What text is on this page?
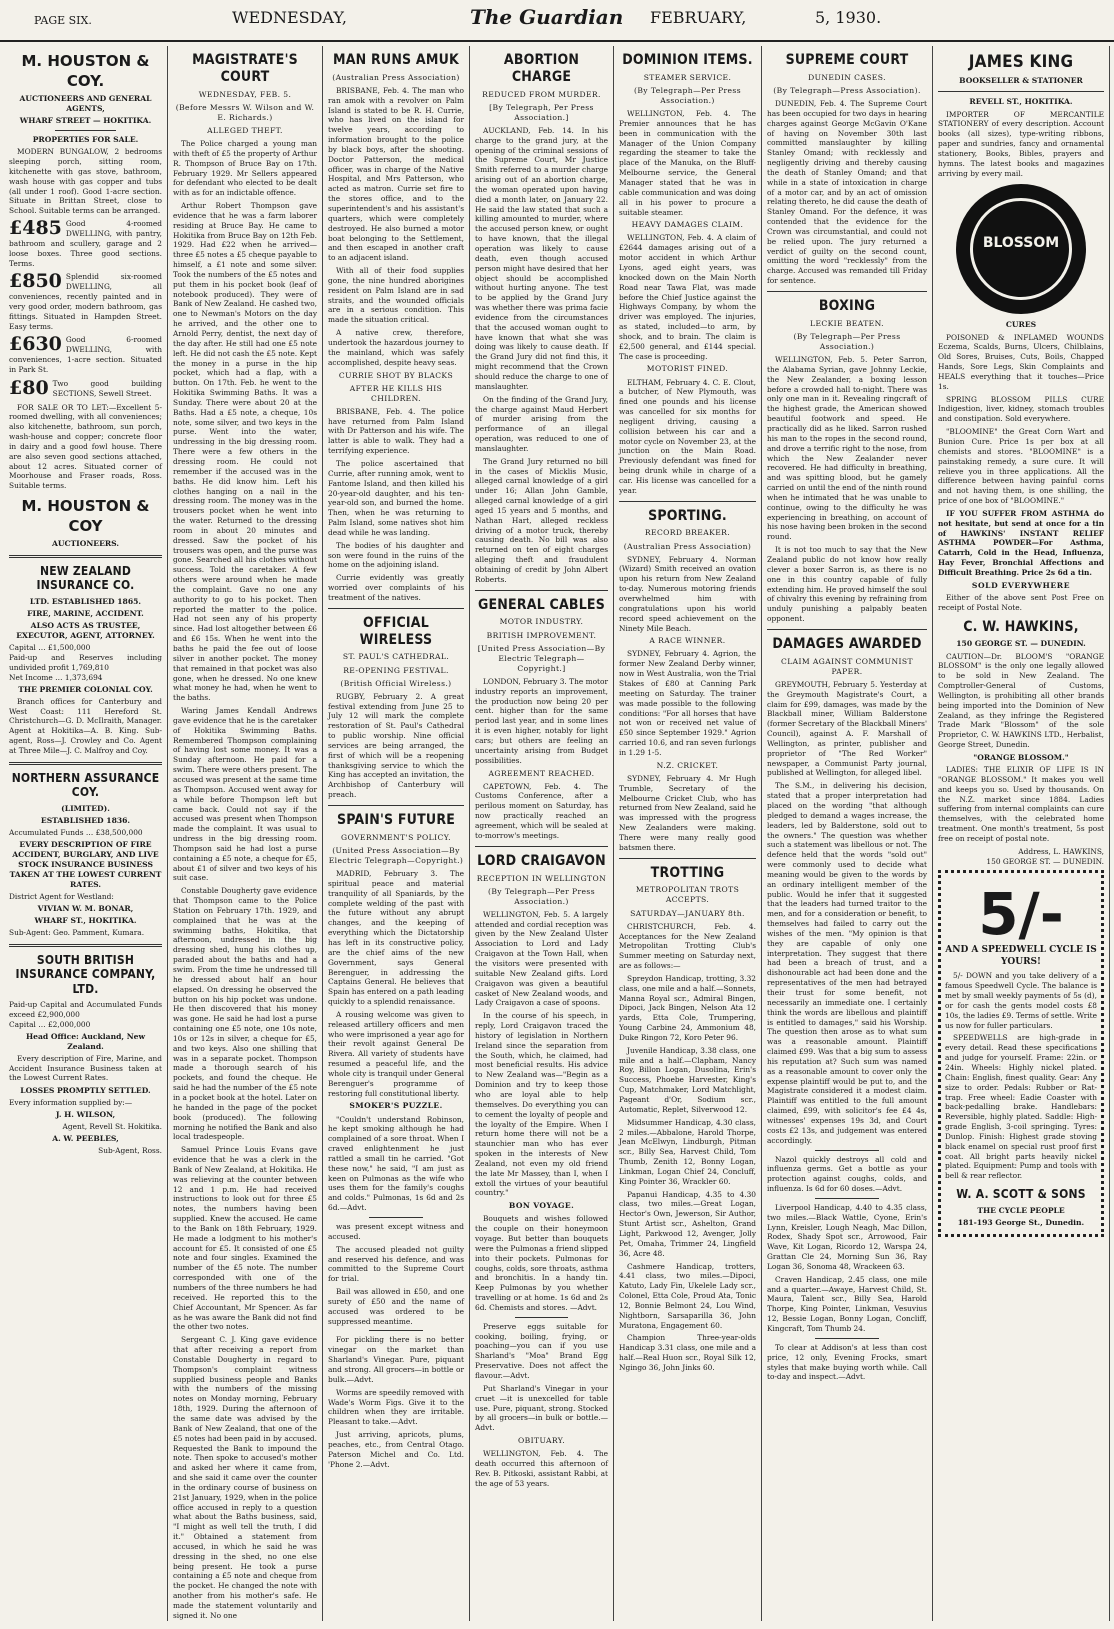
PAGE SIX.	WEDNESDAY,	The Guardian FEBRUARY,	5, 1930.
M. HOUSTON & COY.
AUCTIONEERS AND GENERAL AGENTS,
WHARF STREET — HOKITIKA.
PROPERTIES FOR SALE.

MODERN BUNGALOW, 2 bedrooms sleeping porch, sitting room, kitchenette with gas stove, bathroom, wash house with gas copper and tubs (all under 1 roof). Good 1-acre section. Situate in Brittan Street, close to School. Suitable terms can be arranged.

£485 Good 4-roomed DWELLING, with pantry, bathroom and scullery, garage and 2 loose boxes. Three good sections. Terms.
£850 Splendid six-roomed DWELLING, all conveniences, recently painted and in very good order, modern bathroom, gas fittings. Situated in Hampden Street. Easy terms.
£630 Good 6-roomed DWELLING, with conveniences, 1-acre section. Situated in Park St.
£80 Two good building SECTIONS, Sewell Street.

FOR SALE OR TO LET:—Excellent 5-roomed dwelling, with all conveniences; also kitchenette, bathroom, sun porch, wash-house and copper; concrete floor in dairy and a good fowl house. There are also seven good sections attached, about 12 acres. Situated corner of Moorhouse and Fraser roads, Ross. Suitable terms.

M. HOUSTON & COY
AUCTIONEERS.
NEW ZEALAND INSURANCE CO.
LTD. ESTABLISHED 1865.
FIRE, MARINE, ACCIDENT.
ALSO ACTS AS TRUSTEE, EXECUTOR, AGENT, ATTORNEY.
Capital … £1,500,000
Paid-up and Reserves including undivided profit 1,769,810
Net Income … 1,373,694
THE PREMIER COLONIAL COY.

Branch offices for Canterbury and West Coast: 111 Hereford St. Christchurch—G. D. McIlraith, Manager. Agent at Hokitika—A. B. King. Sub-agent, Ross—J. Crowley and Co. Agent at Three Mile—J. C. Malfroy and Coy.

NORTHERN ASSURANCE COY.
(LIMITED).
ESTABLISHED 1836.
Accumulated Funds … £38,500,000
EVERY DESCRIPTION OF FIRE ACCIDENT, BURGLARY, AND LIVE STOCK INSURANCE BUSINESS TAKEN AT THE LOWEST CURRENT RATES.
District Agent for Westland:
VIVIAN W. M. BONAR,
WHARF ST., HOKITIKA.
Sub-Agent: Geo. Pamment, Kumara.
SOUTH BRITISH INSURANCE COMPANY, LTD.
Paid-up Capital and Accumulated Funds exceed £2,900,000
Capital … £2,000,000
Head Office: Auckland, New Zealand.

Every description of Fire, Marine, and Accident Insurance Business taken at the Lowest Current Rates.

LOSSES PROMPTLY SETTLED.
Every information supplied by:—
J. H. WILSON,
Agent, Revell St. Hokitika.
A. W. PEEBLES,
Sub-Agent, Ross.
MAGISTRATE'S COURT
WEDNESDAY, FEB. 5.
(Before Messrs W. Wilson and W. E. Richards.)
ALLEGED THEFT.

The Police charged a young man with theft of £5 the property of Arthur R. Thompson of Bruce Bay on 17th. February 1929. Mr Sellers appeared for defendant who elected to be dealt with as for an indictable offence.

Arthur Robert Thompson gave evidence that he was a farm laborer residing at Bruce Bay. He came to Hokitika from Bruce Bay on 12th Feb. 1929. Had £22 when he arrived—three £5 notes a £5 cheque payable to himself, a £1 note and some silver. Took the numbers of the £5 notes and put them in his pocket book (leaf of notebook produced). They were of Bank of New Zealand. He cashed two, one to Newman's Motors on the day he arrived, and the other one to Arnold Perry, dentist, the next day of the day after. He still had one £5 note left. He did not cash the £5 note. Kept the money in a purse in the hip pocket, which had a flap, with a button. On 17th. Feb. he went to the Hokitika Swimming Baths. It was a Sunday. There were about 20 at the Baths. Had a £5 note, a cheque, 10s note, some silver, and two keys in the purse. Went into the water, undressing in the big dressing room. There were a few others in the dressing room. He could not remember if the accused was in the baths. He did know him. Left his clothes hanging on a nail in the dressing room. The money was in the trousers pocket when he went into the water. Returned to the dressing room in about 20 minutes and dressed. Saw the pocket of his trousers was open, and the purse was gone. Searched all his clothes without success. Told the caretaker. A few others were around when he made the complaint. Gave no one any authority to go to his pocket. Then reported the matter to the police. Had not seen any of his property since. Had lost altogether between £6 and £6 15s. When he went into the baths he paid the fee out of loose silver in another pocket. The money that remained in that pocket was also gone, when he dressed. No one knew what money he had, when he went to the baths.

Waring James Kendall Andrews gave evidence that he is the caretaker of Hokitika Swimming Baths. Remembered Thompson complaining of having lost some money. It was a Sunday afternoon. He paid for a swim. There were others present. The accused was present at the same time as Thompson. Accused went away for a while before Thompson left but came back. Could not say if the accused was present when Thompson made the complaint. It was usual to undress in the big dressing room. Thompson said he had lost a purse containing a £5 note, a cheque for £5, about £1 of silver and two keys of his suit case.

Constable Dougherty gave evidence that Thompson came to the Police Station on February 17th. 1929, and complained that he was at the swimming baths, Hokitika, that afternoon, undressed in the big dressing shed, hung his clothes up, paraded about the baths and had a swim. From the time he undressed till he dressed about half an hour elapsed. On dressing he observed the button on his hip pocket was undone. He then discovered that his money was gone. He said he had lost a purse containing one £5 note, one 10s note, 10s or 12s in silver, a cheque for £5, and two keys. Also one shilling that was in a separate pocket. Thompson made a thorough search of his pockets, and found the cheque. He said he had the number of the £5 note in a pocket book at the hotel. Later on he handed in the page of the pocket book (produced). The following morning he notified the Bank and also local tradespeople.

Samuel Prince Louis Evans gave evidence that he was a clerk in the Bank of New Zealand, at Hokitika. He was relieving at the counter between 12 and 1 p.m. He had received instructions to look out for three £5 notes, the numbers having been supplied. Knew the accused. He came to the Bank on 18th February, 1929. He made a lodgment to his mother's account for £5. It consisted of one £5 note and four singles. Examined the number of the £5 note. The number corresponded with one of the numbers of the three numbers he had received. He reported this to the Chief Accountant, Mr Spencer. As far as he was aware the Bank did not find the other two notes.

Sergeant C. J. King gave evidence that after receiving a report from Constable Dougherty in regard to Thompson's complaint witness supplied business people and Banks with the numbers of the missing notes on Monday morning, February 18th, 1929. During the afternoon of the same date was advised by the Bank of New Zealand, that one of the £5 notes had been paid in by accused. Requested the Bank to impound the note. Then spoke to accused's mother and asked her where it came from, and she said it came over the counter in the ordinary course of business on 21st January, 1929, when in the police office accused in reply to a question what about the Baths business, said, "I might as well tell the truth, I did it." Obtained a statement from accused, in which he said he was dressing in the shed, no one else being present. He took a purse containing a £5 note and cheque from the pocket. He changed the note with another from his mother's safe. He made the statement voluntarily and signed it. No one

MAN RUNS AMUK
(Australian Press Association)

BRISBANE, Feb. 4. The man who ran amok with a revolver on Palm Island is stated to be R. H. Currie, who has lived on the island for twelve years, according to information brought to the police by black boys, after the shooting. Doctor Patterson, the medical officer, was in charge of the Native Hospital, and Mrs Patterson, who acted as matron. Currie set fire to the stores office, and to the superintendent's and his assistant's quarters, which were completely destroyed. He also burned a motor boat belonging to the Settlement, and then escaped in another craft to an adjacent island.

With all of their food supplies gone, the nine hundred aborigines resident on Palm Island are in sad straits, and the wounded officials are in a serious condition. This made the situation critical.

A native crew, therefore, undertook the hazardous journey to the mainland, which was safely accomplished, despite heavy seas.

CURRIE SHOT BY BLACKS
AFTER HE KILLS HIS CHILDREN.

BRISBANE, Feb. 4. The police have returned from Palm Island with Dr Patterson and his wife. The latter is able to walk. They had a terrifying experience.

The police ascertained that Currie, after running amok, went to Fantome Island, and then killed his 20-year-old daughter, and his ten-year-old son, and burned the home. Then, when he was returning to Palm Island, some natives shot him dead while he was landing.

The bodies of his daughter and son were found in the ruins of the home on the adjoining island.

Currie evidently was greatly worried over complaints of his treatment of the natives.

OFFICIAL WIRELESS
ST. PAUL'S CATHEDRAL.
RE-OPENING FESTIVAL.
(British Official Wireless.)

RUGBY, February 2. A great festival extending from June 25 to July 12 will mark the complete restoration of St. Paul's Cathedral to public worship. Nine official services are being arranged, the first of which will be a reopening thanksgiving service to which the King has accepted an invitation, the Archbishop of Canterbury will preach.

SPAIN'S FUTURE
GOVERNMENT'S POLICY.
(United Press Association—By Electric Telegraph—Copyright.)

MADRID, February 3. The spiritual peace and material tranquility of all Spaniards, by the complete welding of the past with the future without any abrupt changes, and the keeping of everything which the Dictatorship has left in its constructive policy, are the chief aims of the new Government, says General Berenguer, in addressing the Captains General. He believes that Spain has entered on a path leading quickly to a splendid renaissance.

A rousing welcome was given to released artillery officers and men who were imprisoned a year ago for their revolt against General De Rivera. All variety of students have resumed a peaceful life, and the whole city is tranquil under General Berenguer's programme of restoring full constitutional liberty.

SMOKER'S PUZZLE.

"Couldn't understand Robinson, he kept smoking although he had complained of a sore throat. When I craved enlightenment he just rattled a small tin he carried. "Got these now," he said, "I am just as keen on Pulmonas as the wife who uses them for the family's coughs and colds." Pulmonas, 1s 6d and 2s 6d.—Advt.

was present except witness and accused.

The accused pleaded not guilty and reserved his defence, and was committed to the Supreme Court for trial.

Bail was allowed in £50, and one surety of £50 and the name of accused was ordered to be suppressed meantime.

For pickling there is no better vinegar on the market than Sharland's Vinegar. Pure, piquant and strong. All grocers—in bottle or bulk.—Advt.

Worms are speedily removed with Wade's Worm Figs. Give it to the children when they are irritable. Pleasant to take.—Advt.

Just arriving, apricots, plums, peaches, etc., from Central Otago. Paterson Michel and Co. Ltd. 'Phone 2.—Advt.

ABORTION CHARGE
REDUCED FROM MURDER.
[By Telegraph, Per Press Association.]

AUCKLAND, Feb. 14. In his charge to the grand jury, at the opening of the criminal sessions of the Supreme Court, Mr Justice Smith referred to a murder charge arising out of an abortion charge, the woman operated upon having died a month later, on January 22. He said the law stated that such a killing amounted to murder, where the accused person knew, or ought to have known, that the illegal operation was likely to cause death, even though accused person might have desired that her object should be accomplished without hurting anyone. The test to be applied by the Grand Jury was whether there was prima facie evidence from the circumstances that the accused woman ought to have known that what she was doing was likely to cause death. If the Grand Jury did not find this, it might recommend that the Crown should reduce the charge to one of manslaughter.

On the finding of the Grand Jury, the charge against Maud Herbert of murder arising from the performance of an illegal operation, was reduced to one of manslaughter.

The Grand Jury returned no bill in the cases of Micklis Music, alleged carnal knowledge of a girl under 16; Allan John Gamble, alleged carnal knowledge of a girl aged 15 years and 5 months, and Nathan Hart, alleged reckless driving of a motor truck, thereby causing death. No bill was also returned on ten of eight charges alleging theft and fraudulent obtaining of credit by John Albert Roberts.

GENERAL CABLES
MOTOR INDUSTRY.
BRITISH IMPROVEMENT.
[United Press Association—By Electric Telegraph—Copyright.]

LONDON, February 3. The motor industry reports an improvement, the production now being 20 per cent. higher than for the same period last year, and in some lines it is even higher, notably for light cars; but others are feeling an uncertainty arising from Budget possibilities.

AGREEMENT REACHED.

CAPETOWN, Feb. 4. The Customs Conference, after a perilous moment on Saturday, has now practically reached an agreement, which will be sealed at to-morrow's meetings.

LORD CRAIGAVON
RECEPTION IN WELLINGTON
(By Telegraph—Per Press Association.)

WELLINGTON, Feb. 5. A largely attended and cordial reception was given by the New Zealand Ulster Association to Lord and Lady Craigavon at the Town Hall, when the visitors were presented with suitable New Zealand gifts. Lord Craigavon was given a beautiful casket of New Zealand woods, and Lady Craigavon a case of spoons.

In the course of his speech, in reply, Lord Craigavon traced the history of legislation in Northern Ireland since the separation from the South, which, he claimed, had most beneficial results. His advice to New Zealand was—"Begin as a Dominion and try to keep those who are loyal able to help themselves. Do everything you can to cement the loyalty of people and the loyalty of the Empire. When I return home there will not be a staunchier man who has ever spoken in the interests of New Zealand, not even my old friend the late Mr Massey, than I, when I extoll the virtues of your beautiful country."

BON VOYAGE.

Bouquets and wishes followed the couple on their honeymoon voyage. But better than bouquets were the Pulmonas a friend slipped into their pockets. Pulmonas for coughs, colds, sore throats, asthma and bronchitis. In a handy tin. Keep Pulmonas by you whether travelling or at home. 1s 6d and 2s 6d. Chemists and stores. —Advt.

Preserve eggs suitable for cooking, boiling, frying, or poaching—you can if you use Sharland's "Moa" Brand Egg Preservative. Does not affect the flavour.—Advt.

Put Sharland's Vinegar in your cruet —it is unexcelled for table use. Pure, piquant, strong. Stocked by all grocers—in bulk or bottle.—Advt.

OBITUARY.

WELLINGTON, Feb. 4. The death occurred this afternoon of Rev. B. Pitkoski, assistant Rabbi, at the age of 53 years.

DOMINION ITEMS.
STEAMER SERVICE.
(By Telegraph—Per Press Association.)

WELLINGTON, Feb. 4. The Premier announces that he has been in communication with the Manager of the Union Company regarding the steamer to take the place of the Manuka, on the Bluff-Melbourne service, the General Manager stated that he was in cable communication and was doing all in his power to procure a suitable steamer.

HEAVY DAMAGES CLAIM.

WELLINGTON, Feb. 4. A claim of £2644 damages arising out of a motor accident in which Arthur Lyons, aged eight years, was knocked down on the Main North Road near Tawa Flat, was made before the Chief Justice against the Highways Company, by whom the driver was employed. The injuries, as stated, included—to arm, by shock, and to brain. The claim is £2,500 general, and £144 special. The case is proceeding.

MOTORIST FINED.

ELTHAM, February 4. C. E. Clout, a butcher, of New Plymouth, was fined one pounds and his license was cancelled for six months for negligent driving, causing a collision between his car and a motor cycle on November 23, at the junction on the Main Road. Previously defendant was fined for being drunk while in charge of a car. His license was cancelled for a year.

SPORTING.
RECORD BREAKER.
(Australian Press Association)

SYDNEY, February 4. Norman (Wizard) Smith received an ovation upon his return from New Zealand to-day. Numerous motoring friends overwhelmed him with congratulations upon his world record speed achievement on the Ninety Mile Beach.

A RACE WINNER.

SYDNEY, February 4. Agrion, the former New Zealand Derby winner, now in West Australia, won the Trial Stakes of £80 at Canning Park meeting on Saturday. The trainer was made possible to the following conditions: "For all horses that have not won or received net value of £50 since September 1929." Agrion carried 10.6, and ran seven furlongs in 1.29 1-5.

N.Z. CRICKET.

SYDNEY, February 4. Mr Hugh Trumble, Secretary of the Melbourne Cricket Club, who has returned from New Zealand, said he was impressed with the progress New Zealanders were making. There were many really good batsmen there.

TROTTING
METROPOLITAN TROTS ACCEPTS.
SATURDAY—JANUARY 8th.

CHRISTCHURCH, Feb. 4. Acceptances for the New Zealand Metropolitan Trotting Club's Summer meeting on Saturday next, are as follows:—

Spreydon Handicap, trotting, 3.32 class, one mile and a half.—Sonnets, Manna Royal scr., Admiral Bingen, Dipoci, Jack Bingen, Nelson Ata 12 yards, Etta Cole, Trumpering, Young Carbine 24, Ammonium 48, Duke Ringon 72, Koro Peter 96.

Juvenile Handicap, 3.38 class, one mile and a half.—Clapham, Nancy Roy, Billon Logan, Dusolina, Erin's Success, Phoebe Harvester, King's Cup, Matchmaker, Lord Matchlight, Pageant d'Or, Sodium scr., Automatic, Replet, Silverwood 12.

Midsummer Handicap, 4.30 class, 2 miles.—Abbalone, Harold Thorpe, Jean McElwyn, Lindburgh, Pitman scr., Billy Sea, Harvest Child, Tom Thumb, Zenith 12, Bonny Logan, Linkman, Logan Chief 24, Concluff, King Pointer 36, Wrackler 60.

Papanui Handicap, 4.35 to 4.30 class, two miles.—Great Logan, Hector's Own, Jewerson, Sir Author, Stunt Artist scr., Ashelton, Grand Light, Parkwood 12, Avenger, Jolly Pet, Omaha, Trimmer 24, Lingfield 36, Acre 48.

Cashmere Handicap, trotters, 4.41 class, two miles.—Dipoci, Katuto, Lady Fin, Ukelele Lady scr., Colonel, Etta Cole, Proud Ata, Tonic 12, Bonnie Belmont 24, Lou Wind, Nightborn, Sarsaparilla 36, John Muratona, Engagement 60.

Champion Three-year-olds Handicap 3.31 class, one mile and a half.—Real Huon scr., Royal Silk 12, Ngingo 36, John Jinks 60.

SUPREME COURT
DUNEDIN CASES.
(By Telegraph—Press Association).

DUNEDIN, Feb. 4. The Supreme Court has been occupied for two days in hearing charges against George McGavin O'Kane of having on November 30th last committed manslaughter by killing Stanley Omand; with recklessly and negligently driving and thereby causing the death of Stanley Omand; and that while in a state of intoxication in charge of a motor car, and by an act of omission relating thereto, he did cause the death of Stanley Omand. For the defence, it was contended that the evidence for the Crown was circumstantial, and could not be relied upon. The jury returned a verdict of guilty on the second count, omitting the word "recklessly" from the charge. Accused was remanded till Friday for sentence.

BOXING
LECKIE BEATEN.
(By Telegraph—Per Press Association.)

WELLINGTON, Feb. 5. Peter Sarron, the Alabama Syrian, gave Johnny Leckie, the New Zealander, a boxing lesson before a crowded hall to-night. There was only one man in it. Revealing ringcraft of the highest grade, the American showed beautiful footwork and speed. He practically did as he liked. Sarron rushed his man to the ropes in the second round, and drove a terrific right to the nose, from which the New Zealander never recovered. He had difficulty in breathing, and was spitting blood, but he gamely carried on until the end of the ninth round when he intimated that he was unable to continue, owing to the difficulty he was experiencing in breathing, on account of his nose having been broken in the second round.

It is not too much to say that the New Zealand public do not know how really clever a boxer Sarron is, as there is no one in this country capable of fully extending him. He proved himself the soul of chivalry this evening by refraining from unduly punishing a palpably beaten opponent.

DAMAGES AWARDED
CLAIM AGAINST COMMUNIST PAPER.

GREYMOUTH, February 5. Yesterday at the Greymouth Magistrate's Court, a claim for £99, damages, was made by the Blackball miner, William Balderstone (former Secretary of the Blackball Miners' Council), against A. F. Marshall of Wellington, as printer, publisher and proprietor of "The Red Worker" newspaper, a Communist Party journal, published at Wellington, for alleged libel.

The S.M., in delivering his decision, stated that a proper interpretation had placed on the wording "that although pledged to demand a wages increase, the leaders, led by Balderstone, sold out to the owners." The question was whether such a statement was libellous or not. The defence held that the words "sold out" were commonly used to decide what meaning would be given to the words by an ordinary intelligent member of the public. Would he infer that it suggested that the leaders had turned traitor to the men, and for a consideration or benefit, to themselves had failed to carry out the wishes of the men. "My opinion is that they are capable of only one interpretation. They suggest that there had been a breach of trust, and a dishonourable act had been done and the representatives of the men had betrayed their trust for some benefit, not necessarily an immediate one. I certainly think the words are libellous and plaintiff is entitled to damages," said his Worship. The question then arose as to what sum was a reasonable amount. Plaintiff claimed £99. Was that a big sum to assess his reputation at? Such sum was named as a reasonable amount to cover only the expense plaintiff would be put to, and the Magistrate considered it a modest claim. Plaintiff was entitled to the full amount claimed, £99, with solicitor's fee £4 4s, witnesses' expenses 19s 3d, and Court costs £2 13s, and judgement was entered accordingly.

Nazol quickly destroys all cold and influenza germs. Get a bottle as your protection against coughs, colds, and influenza. Is 6d for 60 doses.—Advt.

Liverpool Handicap, 4.40 to 4.35 class, two miles.—Black Wattle, Cyone, Erin's Lynn, Kreisler, Lough Neagh, Mac Dillon, Rodex, Shady Spot scr., Arrowood, Fair Wave, Kit Logan, Ricordo 12, Warspa 24, Grattan Cle 24, Morning Sun 36, Ray Logan 36, Sonoma 48, Wrackeen 63.

Craven Handicap, 2.45 class, one mile and a quarter.—Awaye, Harvest Child, St. Maura, Talent scr., Billy Sea, Harold Thorpe, King Pointer, Linkman, Vesuvius 12, Bessie Logan, Bonny Logan, Concliff, Kingcraft, Tom Thumb 24.

To clear at Addison's at less than cost price, 12 only, Evening Frocks, smart styles that make buying worth while. Call to-day and inspect.—Advt.

JAMES KING
BOOKSELLER & STATIONER
REVELL ST., HOKITIKA.

IMPORTER OF MERCANTILE STATIONERY of every description. Account books (all sizes), type-writing ribbons, paper and sundries, fancy and ornamental stationery, Books, Bibles, prayers and hymns. The latest books and magazines arriving by every mail.

BLOSSOM
CURES

POISONED & INFLAMED WOUNDS Eczema, Scalds, Burns, Ulcers, Chilblains, Old Sores, Bruises, Cuts, Boils, Chapped Hands, Sore Legs, Skin Complaints and HEALS everything that it touches—Price 1s.

SPRING BLOSSOM PILLS CURE Indigestion, liver, kidney, stomach troubles and constipation. Sold everywhere.

"BLOOMINE" the Great Corn Wart and Bunion Cure. Price 1s per box at all chemists and stores. "BLOOMINE" is a painstaking remedy, a sure cure. It will relieve you in three applications. All the difference between having painful corns and not having them, is one shilling, the price of one box of "BLOOMINE."

IF YOU SUFFER FROM ASTHMA do not hesitate, but send at once for a tin of HAWKINS' INSTANT RELIEF ASTHMA POWDER—For Asthma, Catarrh, Cold in the Head, Influenza, Hay Fever, Bronchial Affections and Difficult Breathing. Price 2s 6d a tin.

SOLD EVERYWHERE

Either of the above sent Post Free on receipt of Postal Note.

C. W. HAWKINS,
150 GEORGE ST. — DUNEDIN.

CAUTION—Dr. BLOOM'S "ORANGE BLOSSOM" is the only one legally allowed to be sold in New Zealand. The Comptroller-General of Customs, Wellington, is prohibiting all other brands being imported into the Dominion of New Zealand, as they infringe the Registered Trade Mark "Blossom" of the sole Proprietor, C. W. HAWKINS LTD., Herbalist, George Street, Dunedin.

"ORANGE BLOSSOM."

LADIES: THE ELIXIR OF LIFE IS IN "ORANGE BLOSSOM." It makes you well and keeps you so. Used by thousands. On the N.Z. market since 1884. Ladies suffering from internal complaints can cure themselves, with the celebrated home treatment. One month's treatment, 5s post free on receipt of postal note.

Address, L. HAWKINS,
150 GEORGE ST. — DUNEDIN.
5/-
AND A SPEEDWELL CYCLE IS YOURS!

5/- DOWN and you take delivery of a famous Speedwell Cycle. The balance is met by small weekly payments of 5s (d), or for cash the gents model costs £8 10s, the ladies £9. Terms of settle. Write us now for fuller particulars.

SPEEDWELLS are high-grade in every detail. Read these specifications and judge for yourself. Frame: 22in. or 24in. Wheels: Highly nickel plated. Chain: English, finest quality. Gear: Any size to order. Pedals: Rubber or Rat-trap. Free wheel: Eadie Coaster with back-pedalling brake. Handlebars: Reversible, highly plated. Saddle: High-grade English, 3-coil springing. Tyres: Dunlop. Finish: Highest grade stoving black enamel on special rust proof first coat. All bright parts heavily nickel plated. Equipment: Pump and tools with bell & rear reflector.

W. A. SCOTT & SONS
THE CYCLE PEOPLE
181-193 George St., Dunedin.
